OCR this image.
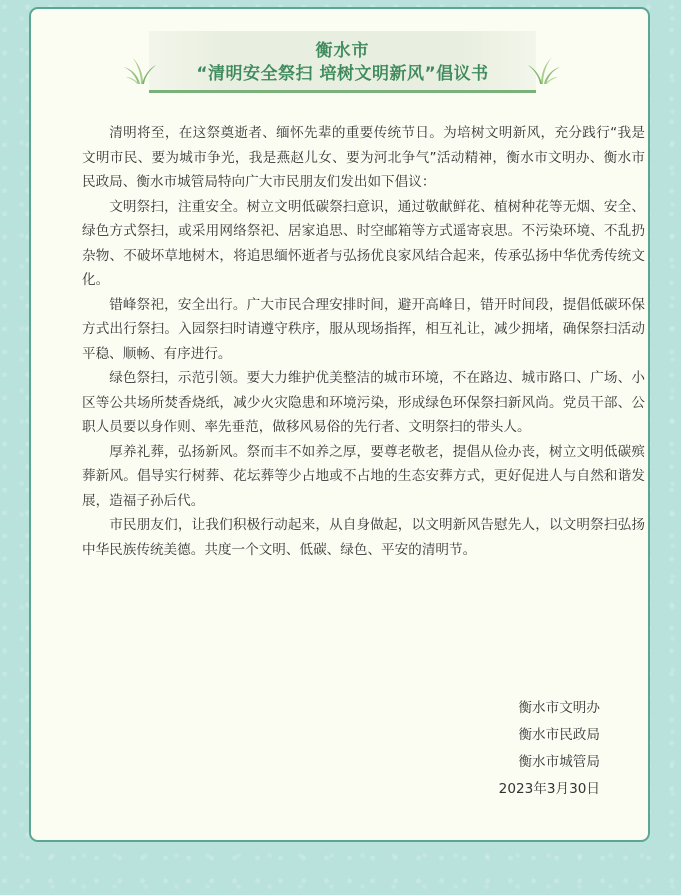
衡水市
“清明安全祭扫 培树文明新风”倡议书

清明将至，在这祭奠逝者、缅怀先辈的重要传统节日。为培树文明新风，充分践行“我是文明市民、要为城市争光，我是燕赵儿女、要为河北争气”活动精神，衡水市文明办、衡水市民政局、衡水市城管局特向广大市民朋友们发出如下倡议：

文明祭扫，注重安全。树立文明低碳祭扫意识，通过敬献鲜花、植树种花等无烟、安全、绿色方式祭扫，或采用网络祭祀、居家追思、时空邮箱等方式遥寄哀思。不污染环境、不乱扔杂物、不破坏草地树木，将追思缅怀逝者与弘扬优良家风结合起来，传承弘扬中华优秀传统文化。

错峰祭祀，安全出行。广大市民合理安排时间，避开高峰日，错开时间段，提倡低碳环保方式出行祭扫。入园祭扫时请遵守秩序，服从现场指挥，相互礼让，减少拥堵，确保祭扫活动平稳、顺畅、有序进行。

绿色祭扫，示范引领。要大力维护优美整洁的城市环境，不在路边、城市路口、广场、小区等公共场所焚香烧纸，减少火灾隐患和环境污染，形成绿色环保祭扫新风尚。党员干部、公职人员要以身作则、率先垂范，做移风易俗的先行者、文明祭扫的带头人。

厚养礼葬，弘扬新风。祭而丰不如养之厚，要尊老敬老，提倡从俭办丧，树立文明低碳殡葬新风。倡导实行树葬、花坛葬等少占地或不占地的生态安葬方式，更好促进人与自然和谐发展，造福子孙后代。

市民朋友们，让我们积极行动起来，从自身做起，以文明新风告慰先人，以文明祭扫弘扬中华民族传统美德。共度一个文明、低碳、绿色、平安的清明节。

衡水市文明办
衡水市民政局
衡水市城管局
2023年3月30日
